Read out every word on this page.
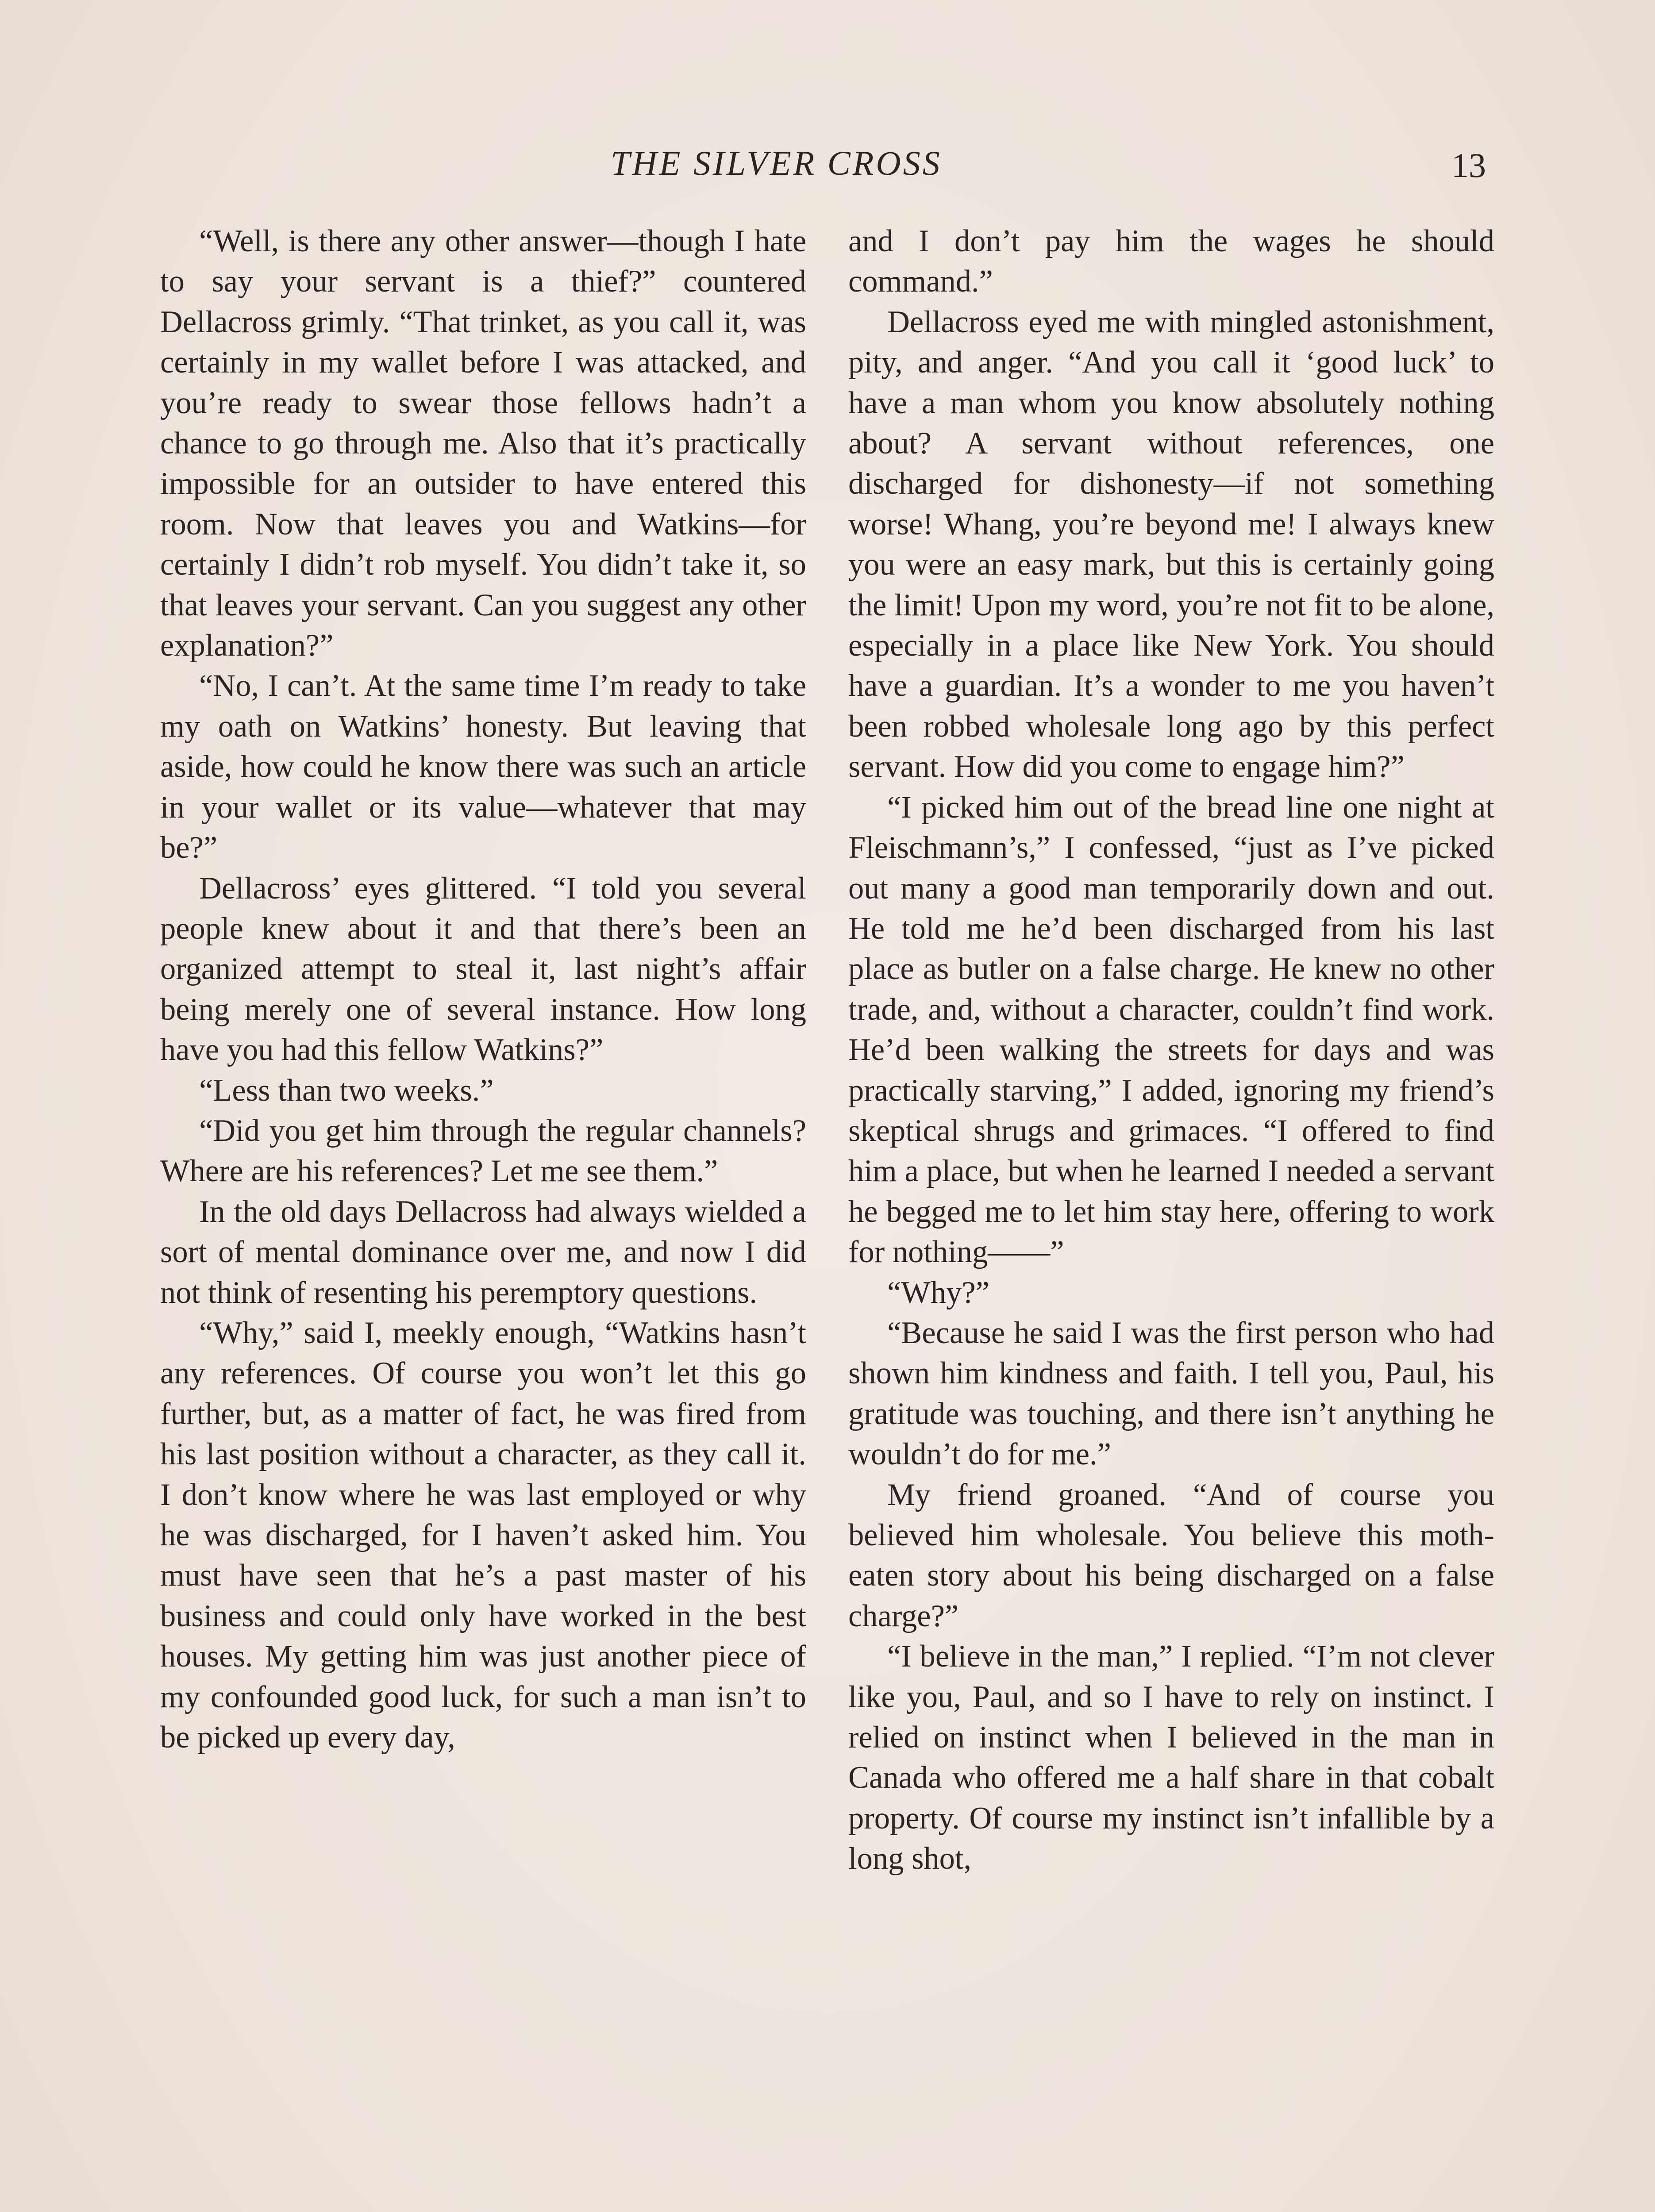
THE SILVER CROSS	13

“Well, is there any other answer—though I hate to say your servant is a thief?” countered Dellacross grimly. “That trinket, as you call it, was certainly in my wallet before I was attacked, and you’re ready to swear those fellows hadn’t a chance to go through me. Also that it’s practically impossible for an outsider to have entered this room. Now that leaves you and Watkins—for certainly I didn’t rob myself. You didn’t take it, so that leaves your servant. Can you suggest any other explanation?”

“No, I can’t. At the same time I’m ready to take my oath on Watkins’ honesty. But leaving that aside, how could he know there was such an article in your wallet or its value—whatever that may be?”

Dellacross’ eyes glittered. “I told you several people knew about it and that there’s been an organized attempt to steal it, last night’s affair being merely one of several instance. How long have you had this fellow Watkins?”

“Less than two weeks.”

“Did you get him through the regular channels? Where are his references? Let me see them.”

In the old days Dellacross had always wielded a sort of mental dominance over me, and now I did not think of resenting his peremptory questions.

“Why,” said I, meekly enough, “Watkins hasn’t any references. Of course you won’t let this go further, but, as a matter of fact, he was fired from his last position without a character, as they call it. I don’t know where he was last employed or why he was discharged, for I haven’t asked him. You must have seen that he’s a past master of his business and could only have worked in the best houses. My getting him was just another piece of my confounded good luck, for such a man isn’t to be picked up every day,

and I don’t pay him the wages he should command.”

Dellacross eyed me with mingled astonishment, pity, and anger. “And you call it ‘good luck’ to have a man whom you know absolutely nothing about? A servant without references, one discharged for dishonesty—if not something worse! Whang, you’re beyond me! I always knew you were an easy mark, but this is certainly going the limit! Upon my word, you’re not fit to be alone, especially in a place like New York. You should have a guardian. It’s a wonder to me you haven’t been robbed wholesale long ago by this perfect servant. How did you come to engage him?”

“I picked him out of the bread line one night at Fleischmann’s,” I confessed, “just as I’ve picked out many a good man temporarily down and out. He told me he’d been discharged from his last place as butler on a false charge. He knew no other trade, and, without a character, couldn’t find work. He’d been walking the streets for days and was practically starving,” I added, ignoring my friend’s skeptical shrugs and grimaces. “I offered to find him a place, but when he learned I needed a servant he begged me to let him stay here, offering to work for nothing——”

“Why?”

“Because he said I was the first person who had shown him kindness and faith. I tell you, Paul, his gratitude was touching, and there isn’t anything he wouldn’t do for me.”

My friend groaned. “And of course you believed him wholesale. You believe this moth-eaten story about his being discharged on a false charge?”

“I believe in the man,” I replied. “I’m not clever like you, Paul, and so I have to rely on instinct. I relied on instinct when I believed in the man in Canada who offered me a half share in that cobalt property. Of course my instinct isn’t infallible by a long shot,
